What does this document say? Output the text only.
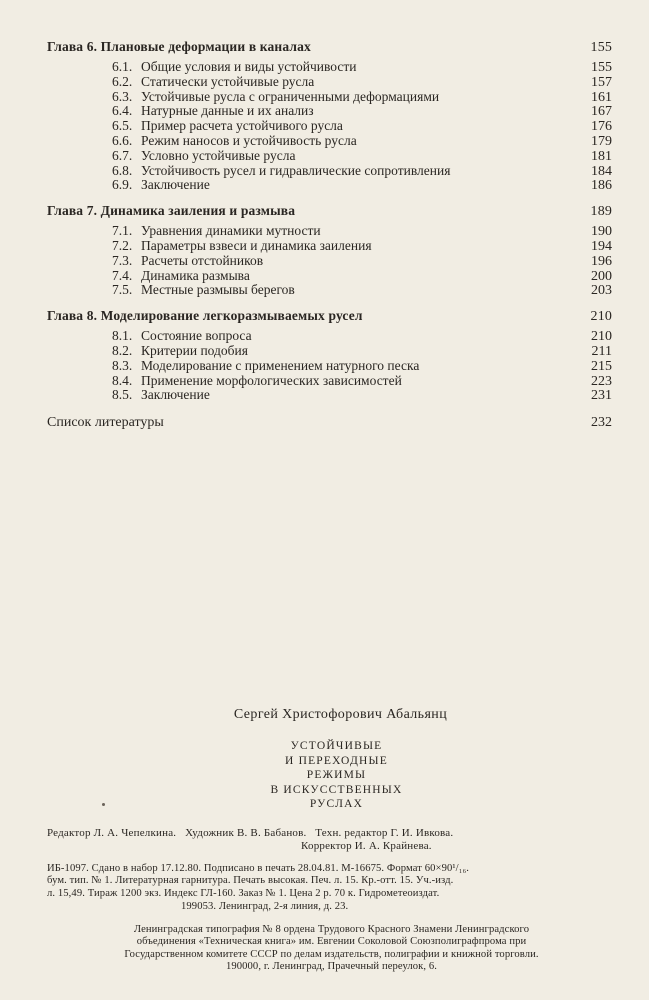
Глава 6. Плановые деформации в каналах	155
6.1. Общие условия и виды устойчивости	155
6.2. Статически устойчивые русла	157
6.3. Устойчивые русла с ограниченными деформациями	161
6.4. Натурные данные и их анализ	167
6.5. Пример расчета устойчивого русла	176
6.6. Режим наносов и устойчивость русла	179
6.7. Условно устойчивые русла	181
6.8. Устойчивость русел и гидравлические сопротивления	184
6.9. Заключение	186
Глава 7. Динамика заиления и размыва	189
7.1. Уравнения динамики мутности	190
7.2. Параметры взвеси и динамика заиления	194
7.3. Расчеты отстойников	196
7.4. Динамика размыва	200
7.5. Местные размывы берегов	203
Глава 8. Моделирование легкоразмываемых русел	210
8.1. Состояние вопроса	210
8.2. Критерии подобия	211
8.3. Моделирование с применением натурного песка	215
8.4. Применение морфологических зависимостей	223
8.5. Заключение	231
Список литературы	232
Сергей Христофорович Абальянц
УСТОЙЧИВЫЕ
И ПЕРЕХОДНЫЕ
РЕЖИМЫ
В ИСКУССТВЕННЫХ
РУСЛАХ
Редактор Л. А. Чепелкина.   Художник В. В. Бабанов.   Техн. редактор Г. И. Ивкова.
Корректор И. А. Крайнева.
ИБ-1097. Сдано в набор 17.12.80. Подписано в печать 28.04.81. М-16675. Формат 60×90¹/₁₆.
бум. тип. № 1. Литературная гарнитура. Печать высокая. Печ. л. 15. Кр.-отт. 15. Уч.-изд.
л. 15,49. Тираж 1200 экз. Индекс ГЛ-160. Заказ № 1. Цена 2 р. 70 к. Гидрометеоиздат.
199053. Ленинград, 2-я линия, д. 23.
Ленинградская типография № 8 ордена Трудового Красного Знамени Ленинградского
объединения «Техническая книга» им. Евгении Соколовой Союзполиграфпрома при
Государственном комитете СССР по делам издательств, полиграфии и книжной торговли.
190000, г. Ленинград, Прачечный переулок, 6.
